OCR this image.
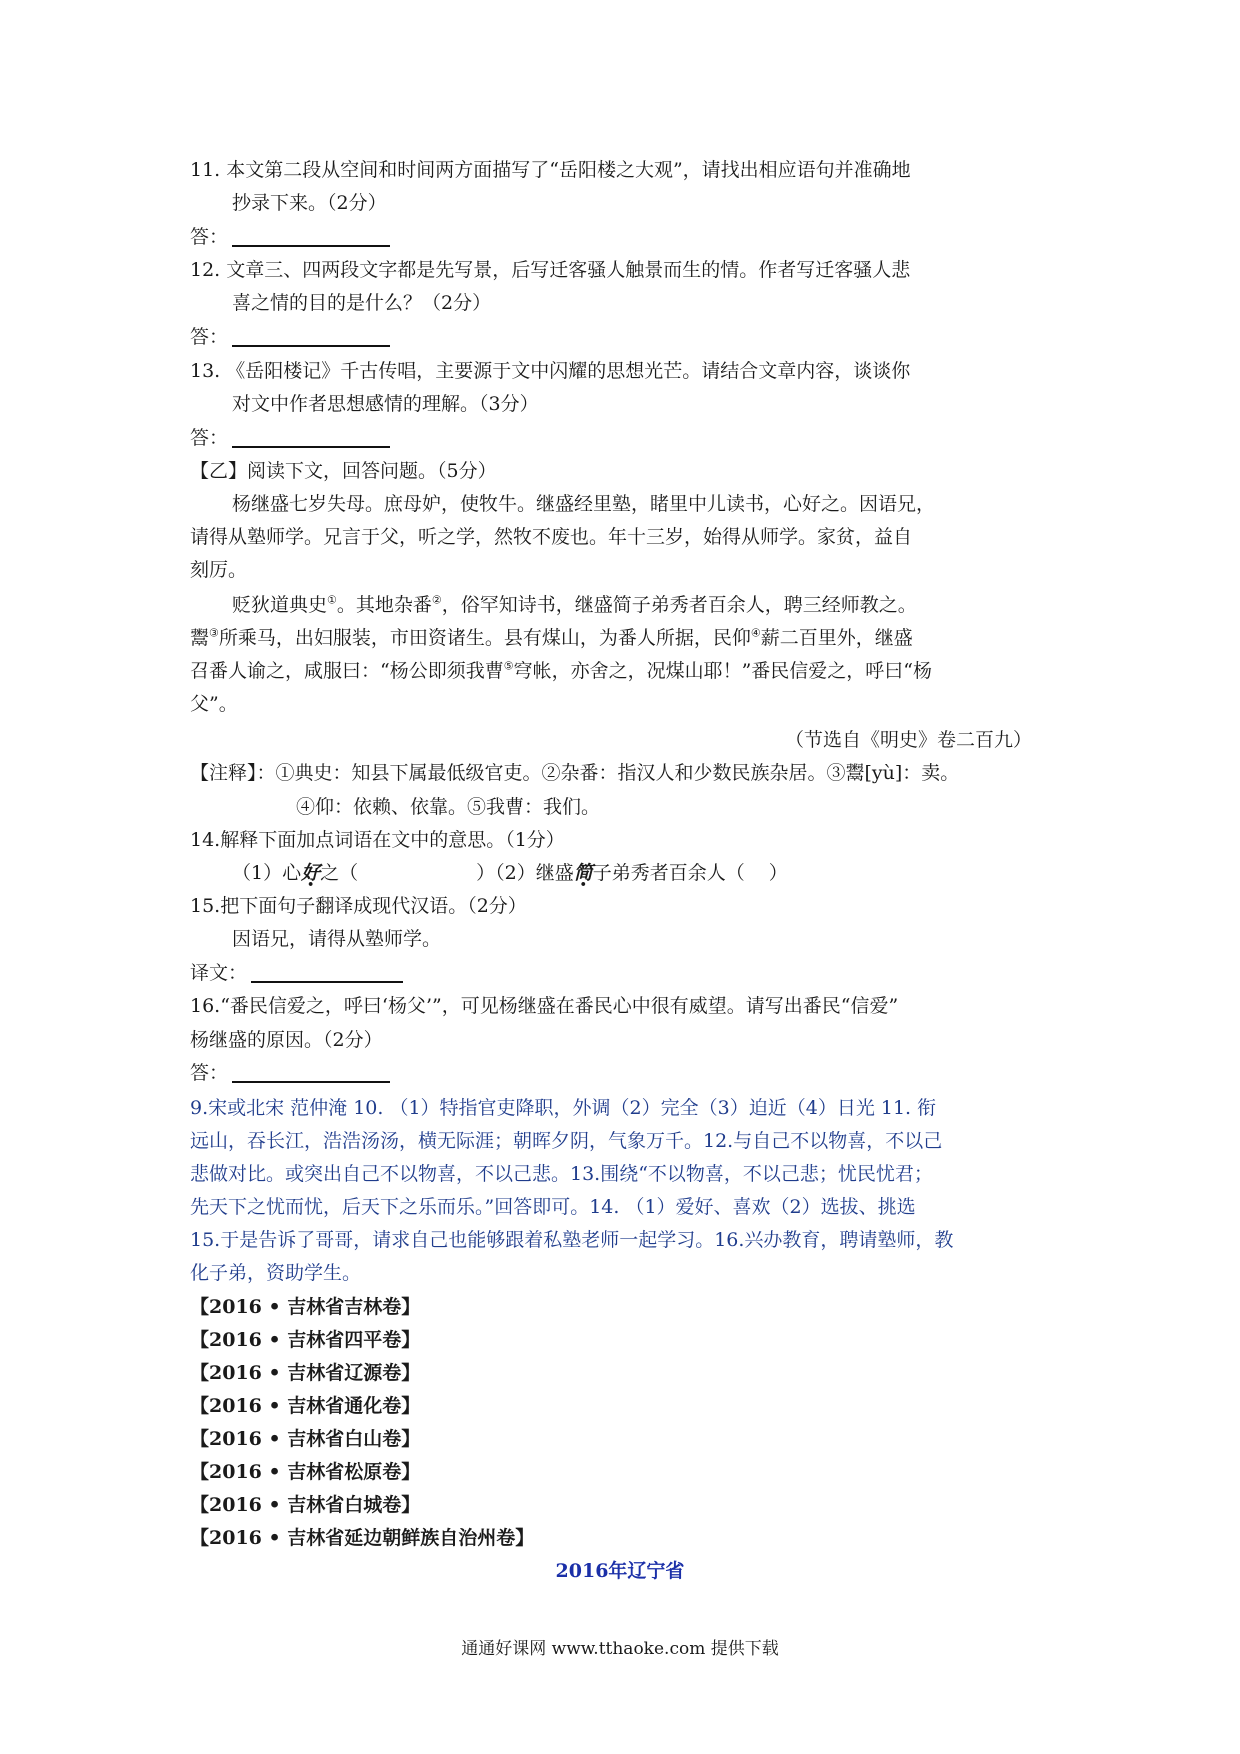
11. 本文第二段从空间和时间两方面描写了“岳阳楼之大观”，请找出相应语句并准确地
抄录下来。（2分）
答：
12. 文章三、四两段文字都是先写景，后写迁客骚人触景而生的情。作者写迁客骚人悲
喜之情的目的是什么？（2分）
答：
13. 《岳阳楼记》千古传唱，主要源于文中闪耀的思想光芒。请结合文章内容，谈谈你
对文中作者思想感情的理解。（3分）
答：
【乙】阅读下文，回答问题。（5分）
杨继盛七岁失母。庶母妒，使牧牛。继盛经里塾，睹里中儿读书，心好之。因语兄，
请得从塾师学。兄言于父，听之学，然牧不废也。年十三岁，始得从师学。家贫，益自
刻厉。
贬狄道典史①。其地杂番②，俗罕知诗书，继盛简子弟秀者百余人，聘三经师教之。
鬻③所乘马，出妇服装，市田资诸生。县有煤山，为番人所据，民仰④薪二百里外，继盛
召番人谕之，咸服曰：“杨公即须我曹⑤穹帐，亦舍之，况煤山耶！”番民信爱之，呼曰“杨
父”。
（节选自《明史》卷二百九）
【注释】：①典史：知县下属最低级官吏。②杂番：指汉人和少数民族杂居。③鬻[yù]：卖。
④仰：依赖、依靠。⑤我曹：我们。
14.解释下面加点词语在文中的意思。（1分）
（1）心好之（	）（2）继盛简子弟秀者百余人（ ）
15.把下面句子翻译成现代汉语。（2分）
因语兄，请得从塾师学。
译文：
16.“番民信爱之，呼曰‘杨父’”，可见杨继盛在番民心中很有威望。请写出番民“信爱”
杨继盛的原因。（2分）
答：
9.宋或北宋 范仲淹 10. （1）特指官吏降职，外调（2）完全（3）迫近（4）日光 11. 衔
远山，吞长江，浩浩汤汤，横无际涯；朝晖夕阴，气象万千。12.与自己不以物喜，不以己
悲做对比。或突出自己不以物喜，不以己悲。13.围绕“不以物喜，不以己悲；忧民忧君；
先天下之忧而忧，后天下之乐而乐。”回答即可。14. （1）爱好、喜欢（2）选拔、挑选
15.于是告诉了哥哥，请求自己也能够跟着私塾老师一起学习。16.兴办教育，聘请塾师，教
化子弟，资助学生。
【2016 • 吉林省吉林卷】
【2016 • 吉林省四平卷】
【2016 • 吉林省辽源卷】
【2016 • 吉林省通化卷】
【2016 • 吉林省白山卷】
【2016 • 吉林省松原卷】
【2016 • 吉林省白城卷】
【2016 • 吉林省延边朝鲜族自治州卷】
2016年辽宁省
通通好课网 www.tthaoke.com 提供下载
